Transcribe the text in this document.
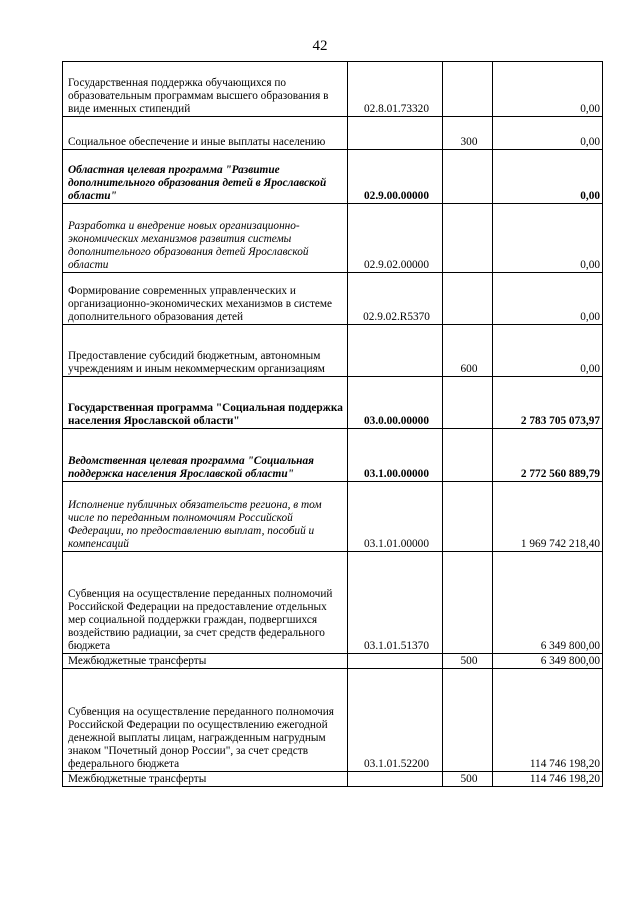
42
Государственная поддержка обучающихся по образовательным программам высшего образования в виде именных стипендий	02.8.01.73320		0,00
Социальное обеспечение и иные выплаты населению		300	0,00
Областная целевая программа "Развитие дополнительного образования детей в Ярославской области"	02.9.00.00000		0,00
Разработка и внедрение новых организационно-экономических механизмов развития системы дополнительного образования детей Ярославской области	02.9.02.00000		0,00
Формирование современных управленческих и организационно-экономических механизмов в системе дополнительного образования детей	02.9.02.R5370		0,00
Предоставление субсидий бюджетным, автономным учреждениям и иным некоммерческим организациям		600	0,00
Государственная программа "Социальная поддержка населения Ярославской области"	03.0.00.00000		2 783 705 073,97
Ведомственная целевая программа "Социальная поддержка населения Ярославской области"	03.1.00.00000		2 772 560 889,79
Исполнение публичных обязательств региона, в том числе по переданным полномочиям Российской Федерации, по предоставлению выплат, пособий и компенсаций	03.1.01.00000		1 969 742 218,40
Субвенция на осуществление переданных полномочий Российской Федерации на предоставление отдельных мер социальной поддержки граждан, подвергшихся воздействию радиации, за счет средств федерального бюджета	03.1.01.51370		6 349 800,00
Межбюджетные трансферты		500	6 349 800,00
Субвенция на осуществление переданного полномочия Российской Федерации по осуществлению ежегодной денежной выплаты лицам, награжденным нагрудным знаком "Почетный донор России", за счет средств федерального бюджета	03.1.01.52200		114 746 198,20
Межбюджетные трансферты		500	114 746 198,20
